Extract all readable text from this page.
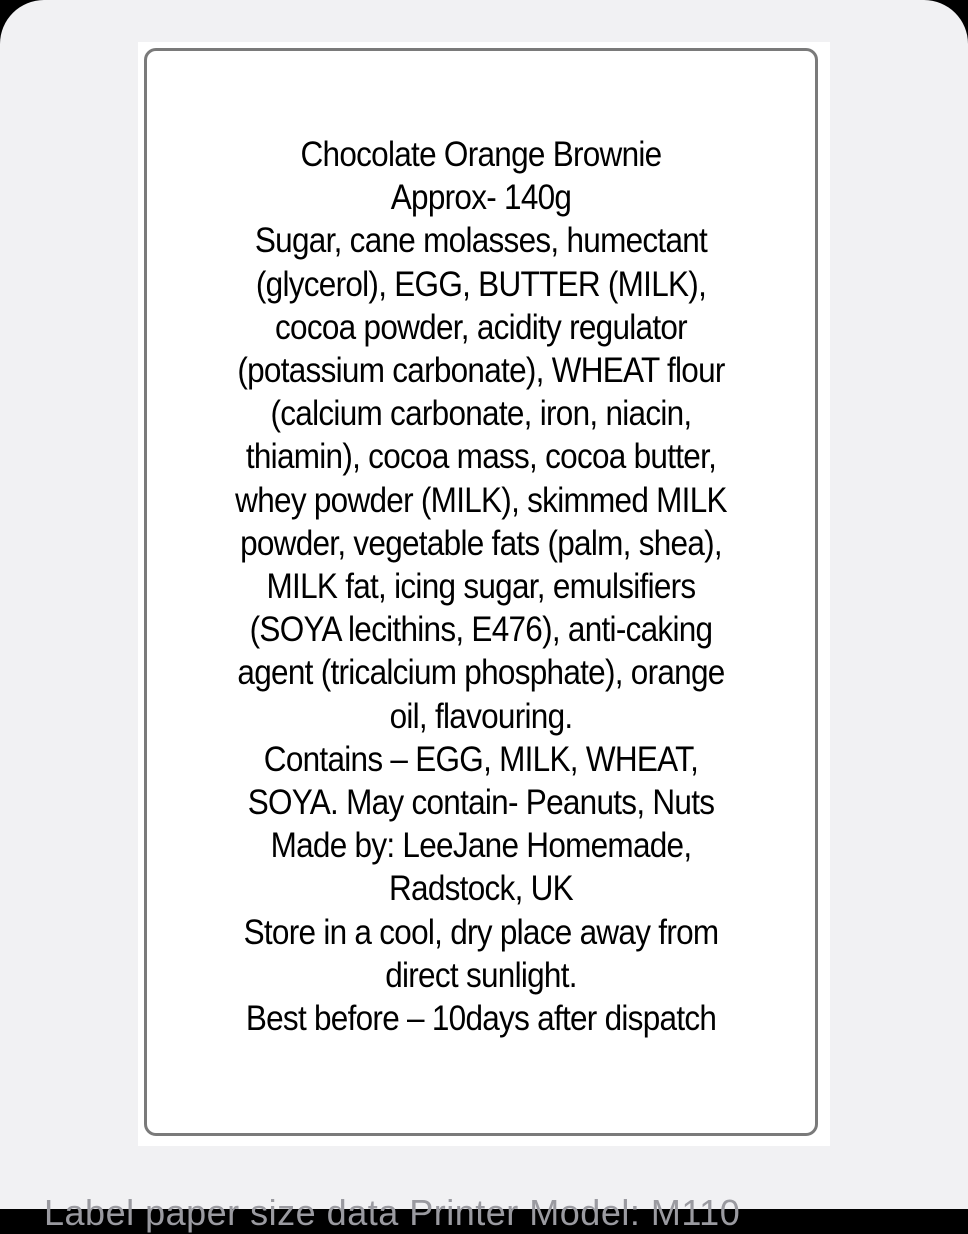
Chocolate Orange Brownie
Approx- 140g
Sugar, cane molasses, humectant
(glycerol), EGG, BUTTER (MILK),
cocoa powder, acidity regulator
(potassium carbonate), WHEAT flour
(calcium carbonate, iron, niacin,
thiamin), cocoa mass, cocoa butter,
whey powder (MILK), skimmed MILK
powder, vegetable fats (palm, shea),
MILK fat, icing sugar, emulsifiers
(SOYA lecithins, E476), anti-caking
agent (tricalcium phosphate), orange
oil, flavouring.
Contains – EGG, MILK, WHEAT,
SOYA. May contain- Peanuts, Nuts
Made by: LeeJane Homemade,
Radstock, UK
Store in a cool, dry place away from
direct sunlight.
Best before – 10days after dispatch
Label paper size data Printer Model: M110
